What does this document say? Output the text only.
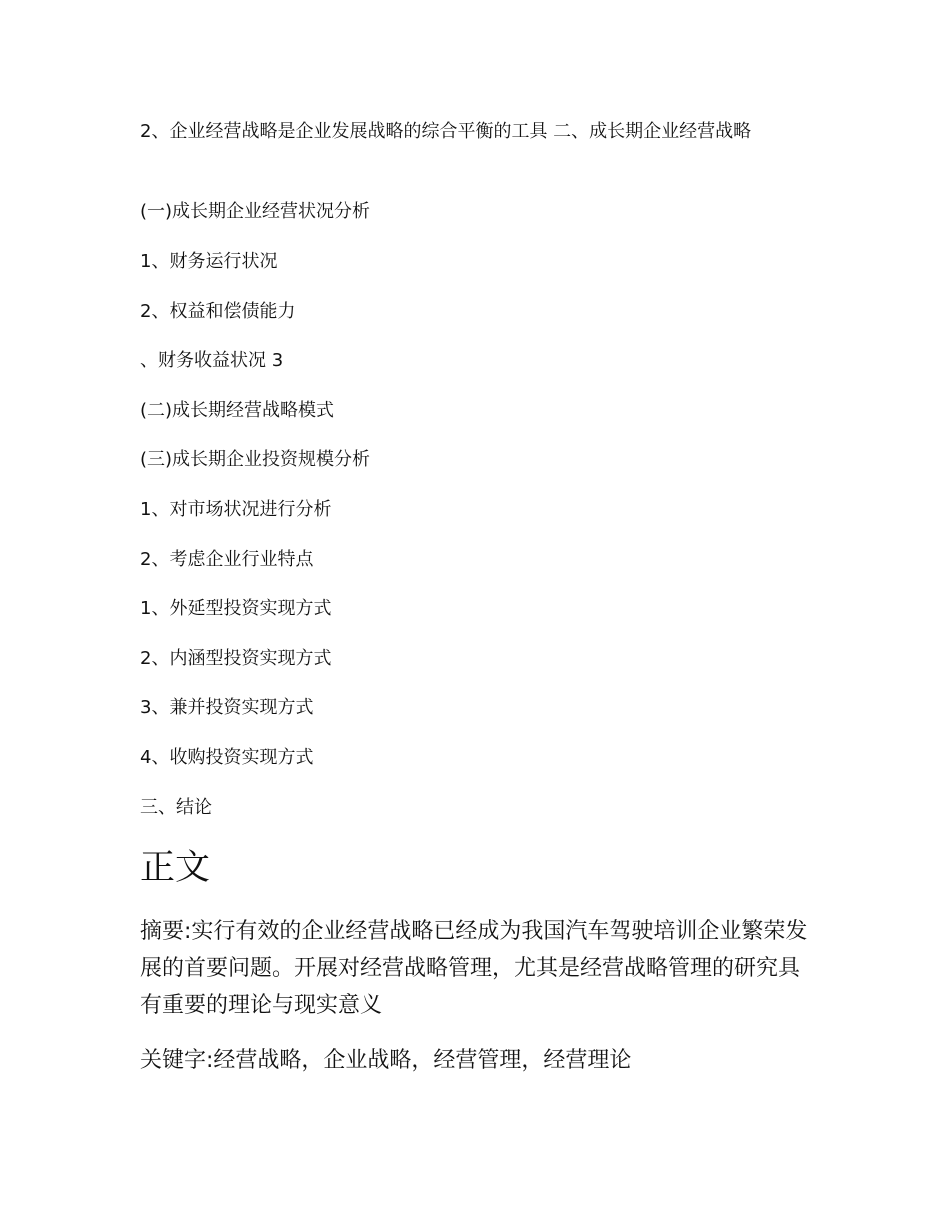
2、企业经营战略是企业发展战略的综合平衡的工具 二、成长期企业经营战略
(一)成长期企业经营状况分析
1、财务运行状况
2、权益和偿债能力
、财务收益状况 3
(二)成长期经营战略模式
(三)成长期企业投资规模分析
1、对市场状况进行分析
2、考虑企业行业特点
1、外延型投资实现方式
2、内涵型投资实现方式
3、兼并投资实现方式
4、收购投资实现方式
三、结论
正文
摘要:实行有效的企业经营战略已经成为我国汽车驾驶培训企业繁荣发展的首要问题。开展对经营战略管理，尤其是经营战略管理的研究具有重要的理论与现实意义
关键字:经营战略，企业战略，经营管理，经营理论
